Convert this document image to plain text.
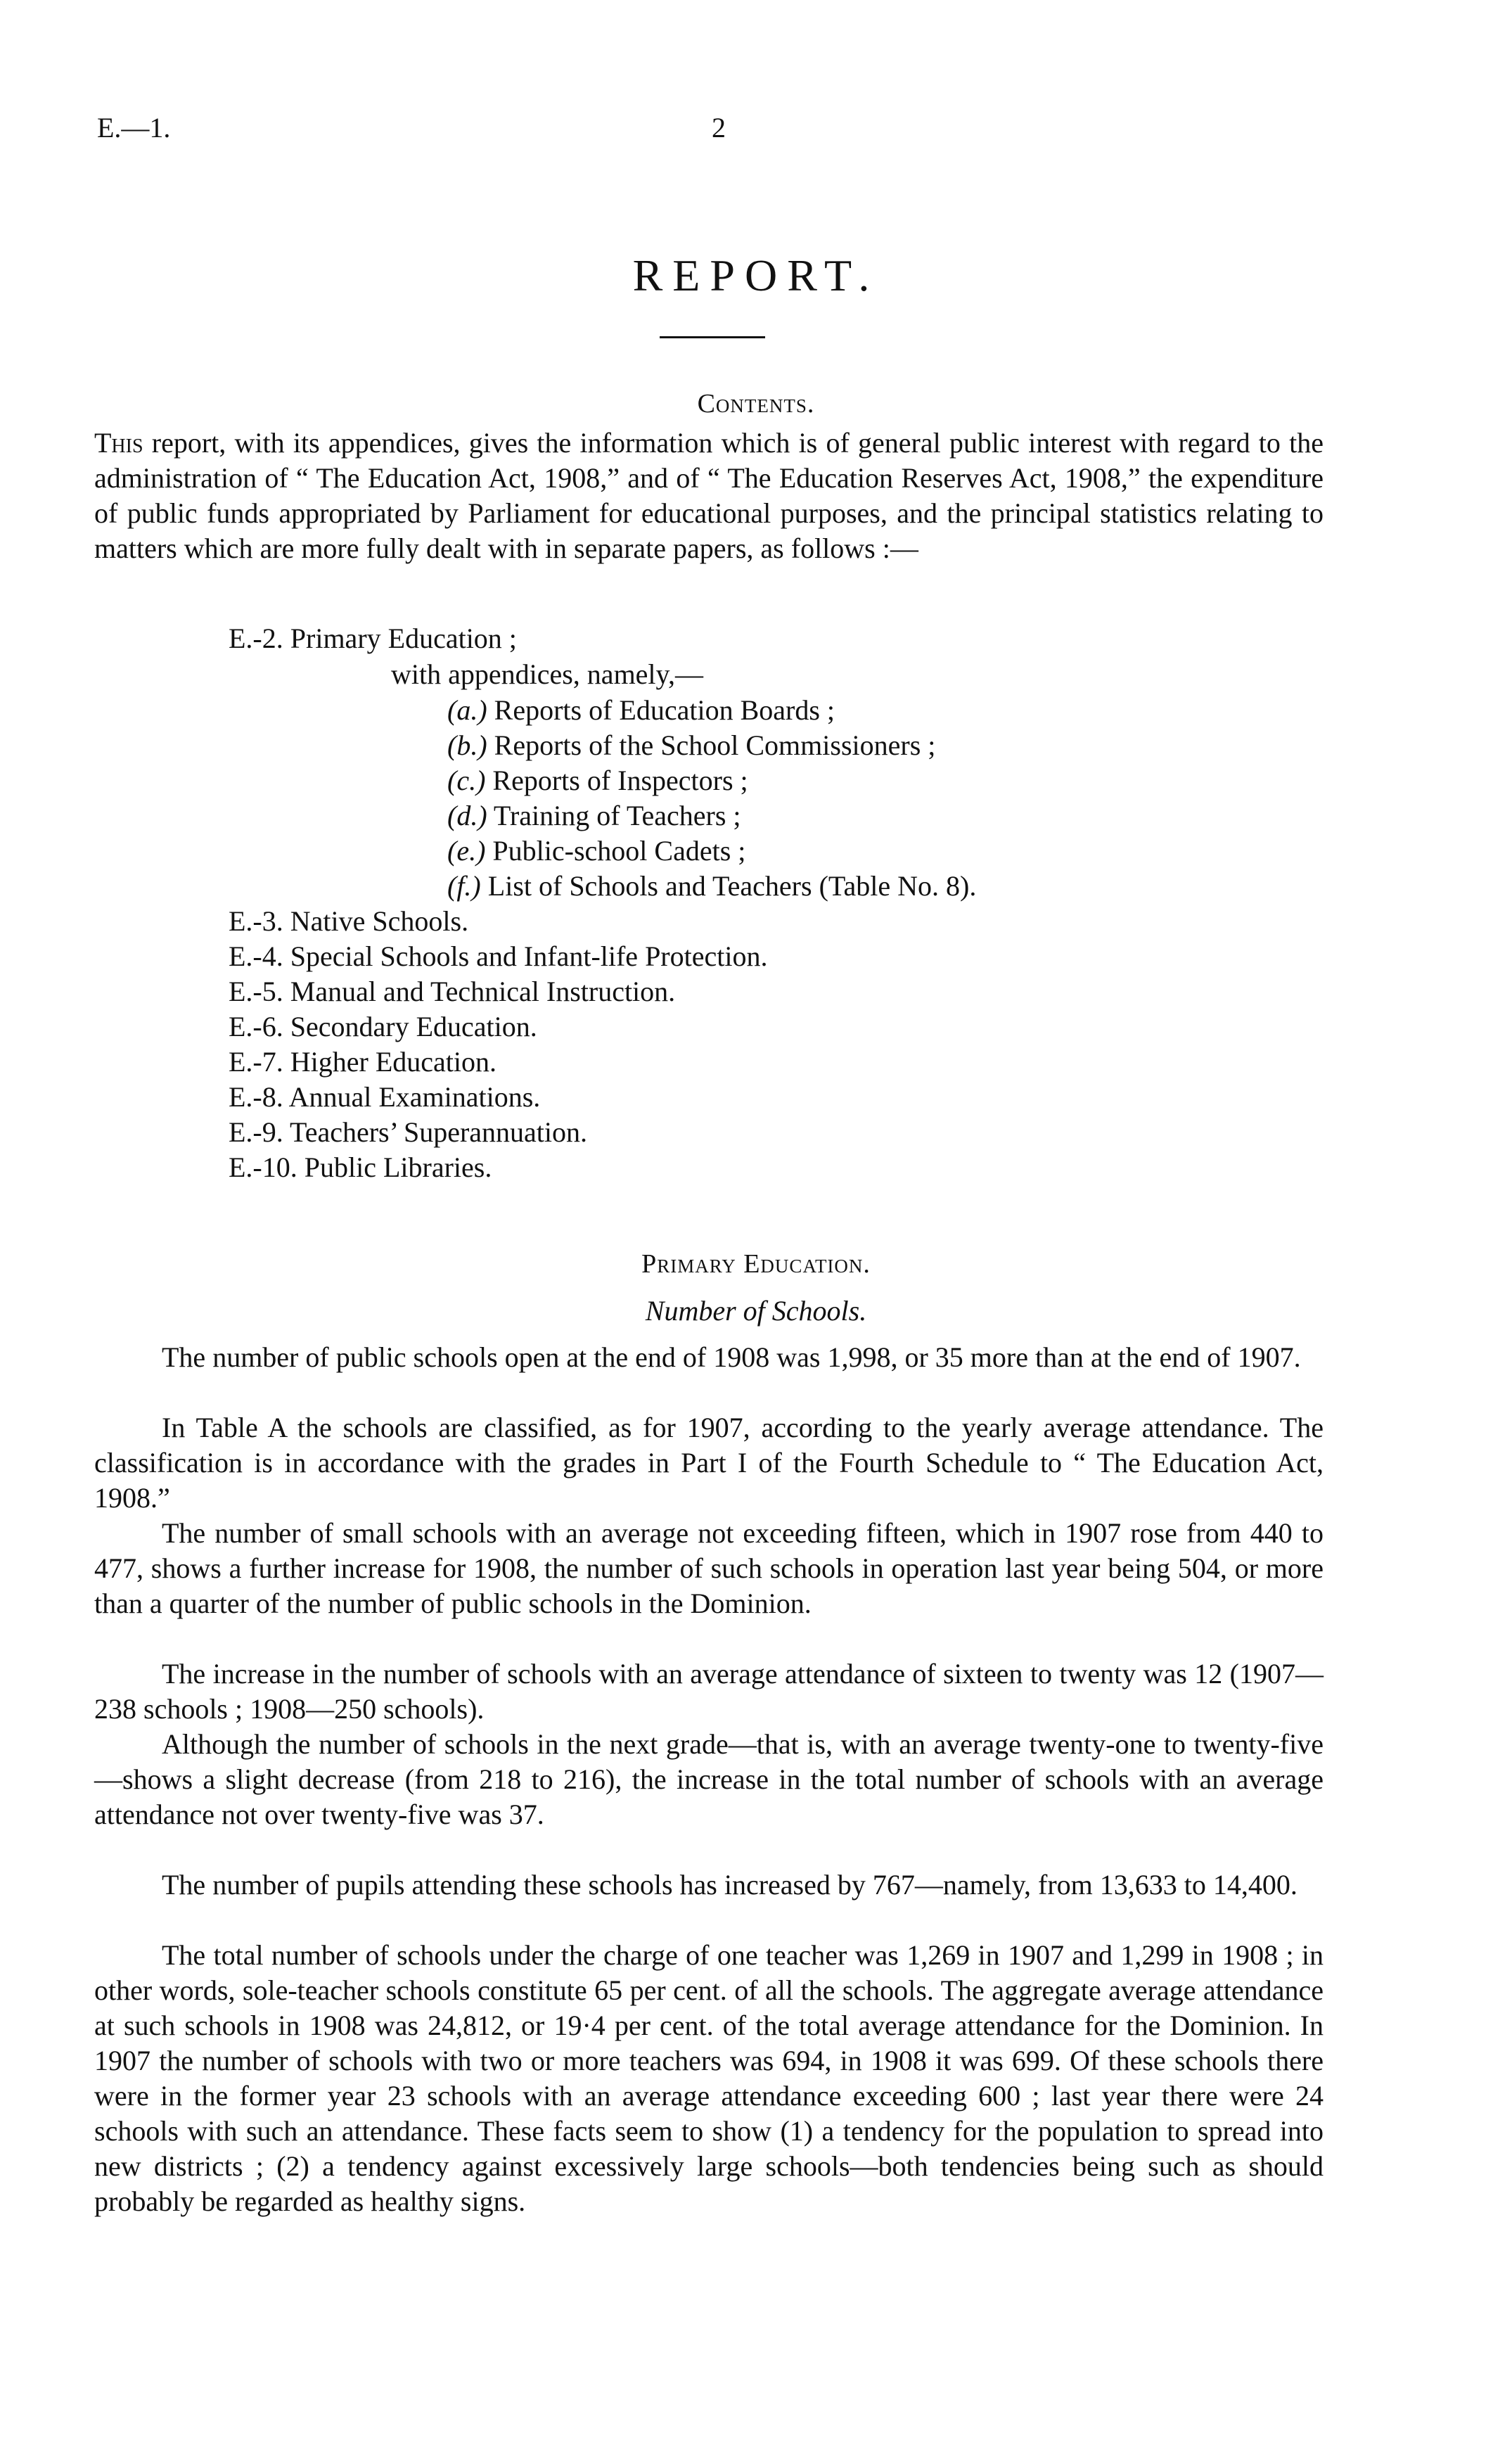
E.—1.	2
REPORT.
Contents.

This report, with its appendices, gives the information which is of general public interest with regard to the administration of “ The Education Act, 1908,” and of “ The Education Reserves Act, 1908,” the expenditure of public funds appropriated by Parliament for educational purposes, and the principal statistics relating to matters which are more fully dealt with in separate papers, as follows :—

E.-2. Primary Education ;
with appendices, namely,—
(a.) Reports of Education Boards ;
(b.) Reports of the School Commissioners ;
(c.) Reports of Inspectors ;
(d.) Training of Teachers ;
(e.) Public-school Cadets ;
(f.) List of Schools and Teachers (Table No. 8).
E.-3. Native Schools.
E.-4. Special Schools and Infant-life Protection.
E.-5. Manual and Technical Instruction.
E.-6. Secondary Education.
E.-7. Higher Education.
E.-8. Annual Examinations.
E.-9. Teachers’ Superannuation.
E.-10. Public Libraries.
Primary Education.
Number of Schools.

The number of public schools open at the end of 1908 was 1,998, or 35 more than at the end of 1907.

In Table A the schools are classified, as for 1907, according to the yearly average attendance. The classification is in accordance with the grades in Part I of the Fourth Schedule to “ The Education Act, 1908.”

The number of small schools with an average not exceeding fifteen, which in 1907 rose from 440 to 477, shows a further increase for 1908, the number of such schools in operation last year being 504, or more than a quarter of the number of public schools in the Dominion.

The increase in the number of schools with an average attendance of sixteen to twenty was 12 (1907—238 schools ; 1908—250 schools).

Although the number of schools in the next grade—that is, with an average twenty-one to twenty-five—shows a slight decrease (from 218 to 216), the increase in the total number of schools with an average attendance not over twenty-five was 37.

The number of pupils attending these schools has increased by 767—namely, from 13,633 to 14,400.

The total number of schools under the charge of one teacher was 1,269 in 1907 and 1,299 in 1908 ; in other words, sole-teacher schools constitute 65 per cent. of all the schools. The aggregate average attendance at such schools in 1908 was 24,812, or 19·4 per cent. of the total average attendance for the Dominion. In 1907 the number of schools with two or more teachers was 694, in 1908 it was 699. Of these schools there were in the former year 23 schools with an average attendance exceeding 600 ; last year there were 24 schools with such an attendance. These facts seem to show (1) a tendency for the population to spread into new districts ; (2) a tendency against excessively large schools—both tendencies being such as should probably be regarded as healthy signs.
